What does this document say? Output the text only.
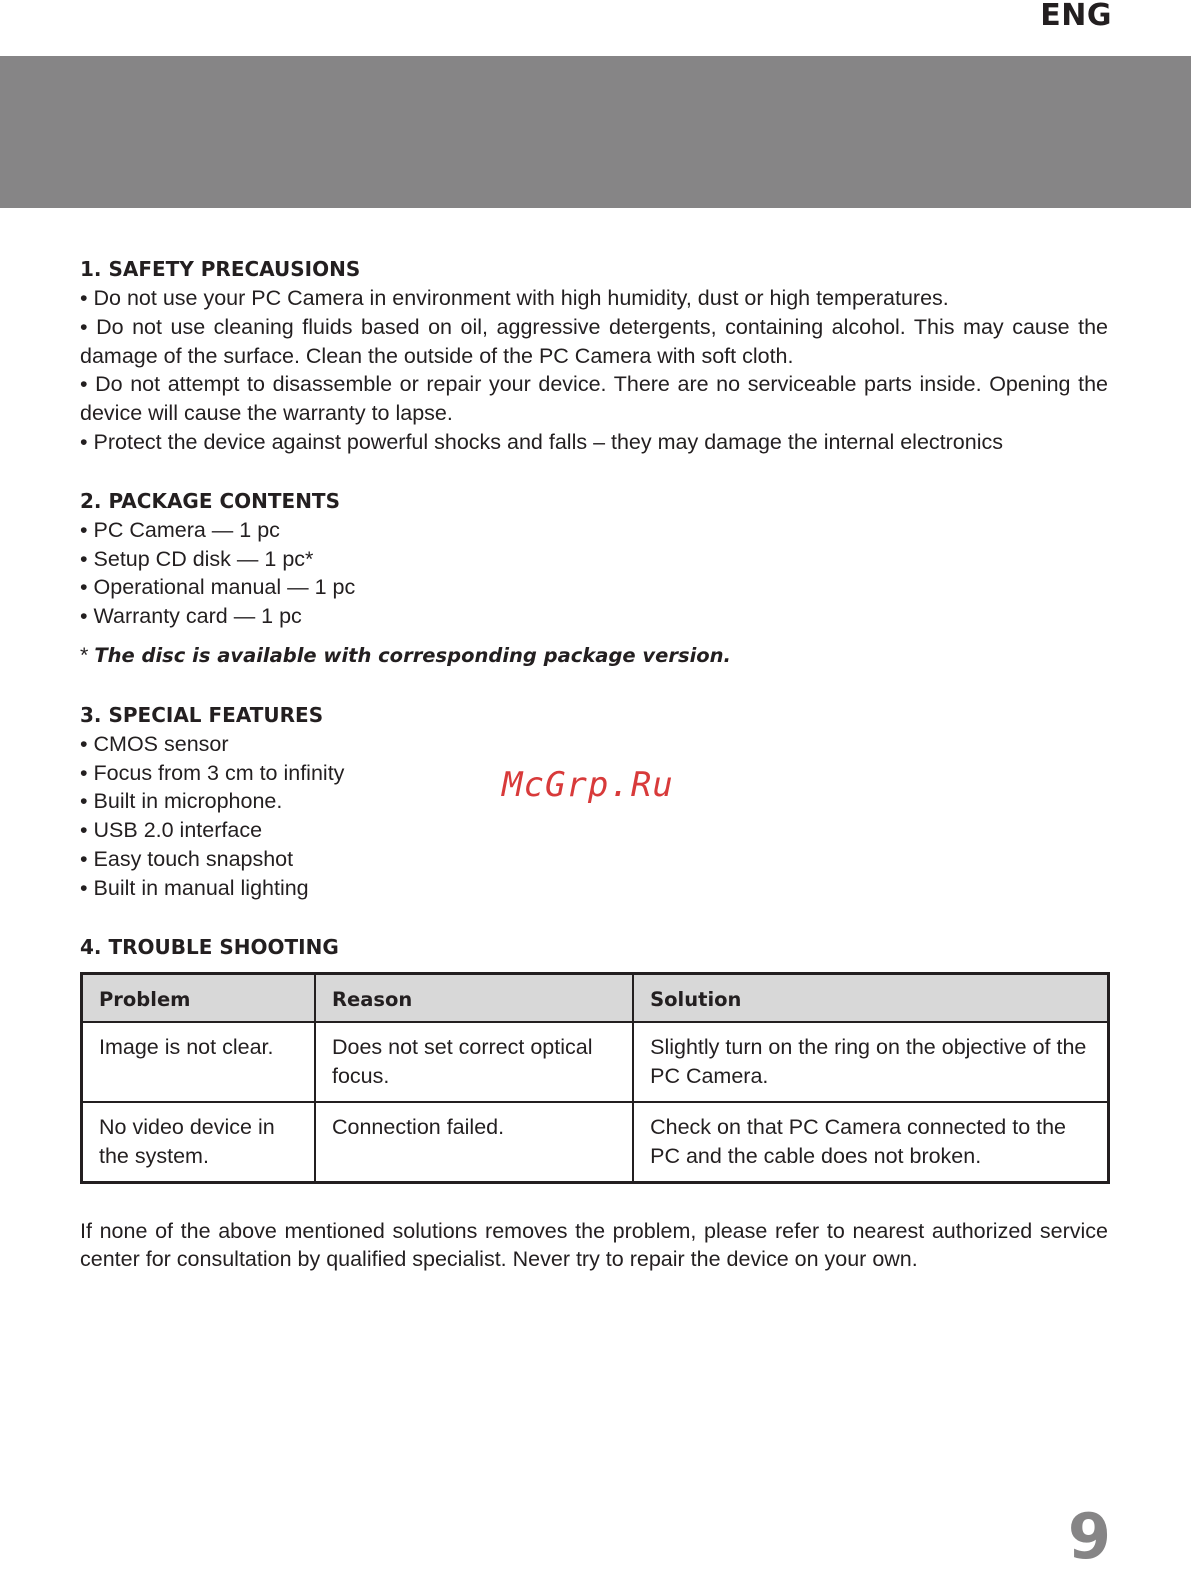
ENG
1. SAFETY PRECAUSIONS
• Do not use your PC Camera in environment with high humidity, dust or high temperatures.
• Do not use cleaning fluids based on oil, aggressive detergents, containing alcohol. This may cause the damage of the surface. Clean the outside of the PC Camera with soft cloth.
• Do not attempt to disassemble or repair your device. There are no serviceable parts inside. Opening the device will cause the warranty to lapse.
• Protect the device against powerful shocks and falls – they may damage the internal electronics
2. PACKAGE CONTENTS
• PC Camera — 1 pc
• Setup CD disk — 1 pc*
• Operational manual — 1 pc
• Warranty card — 1 pc

* The disc is available with corresponding package version.

3. SPECIAL FEATURES
• CMOS sensor
• Focus from 3 cm to infinity
• Built in microphone.
• USB 2.0 interface
• Easy touch snapshot
• Built in manual lighting
4. TROUBLE SHOOTING
Problem	Reason	Solution
Image is not clear.	Does not set correct optical focus.	Slightly turn on the ring on the objective of the PC Camera.
No video device in the system.	Connection failed.	Check on that PC Camera connected to the PC and the cable does not broken.

If none of the above mentioned solutions removes the problem, please refer to nearest authorized service center for consultation by qualified specialist. Never try to repair the device on your own.

McGrp.Ru
9
